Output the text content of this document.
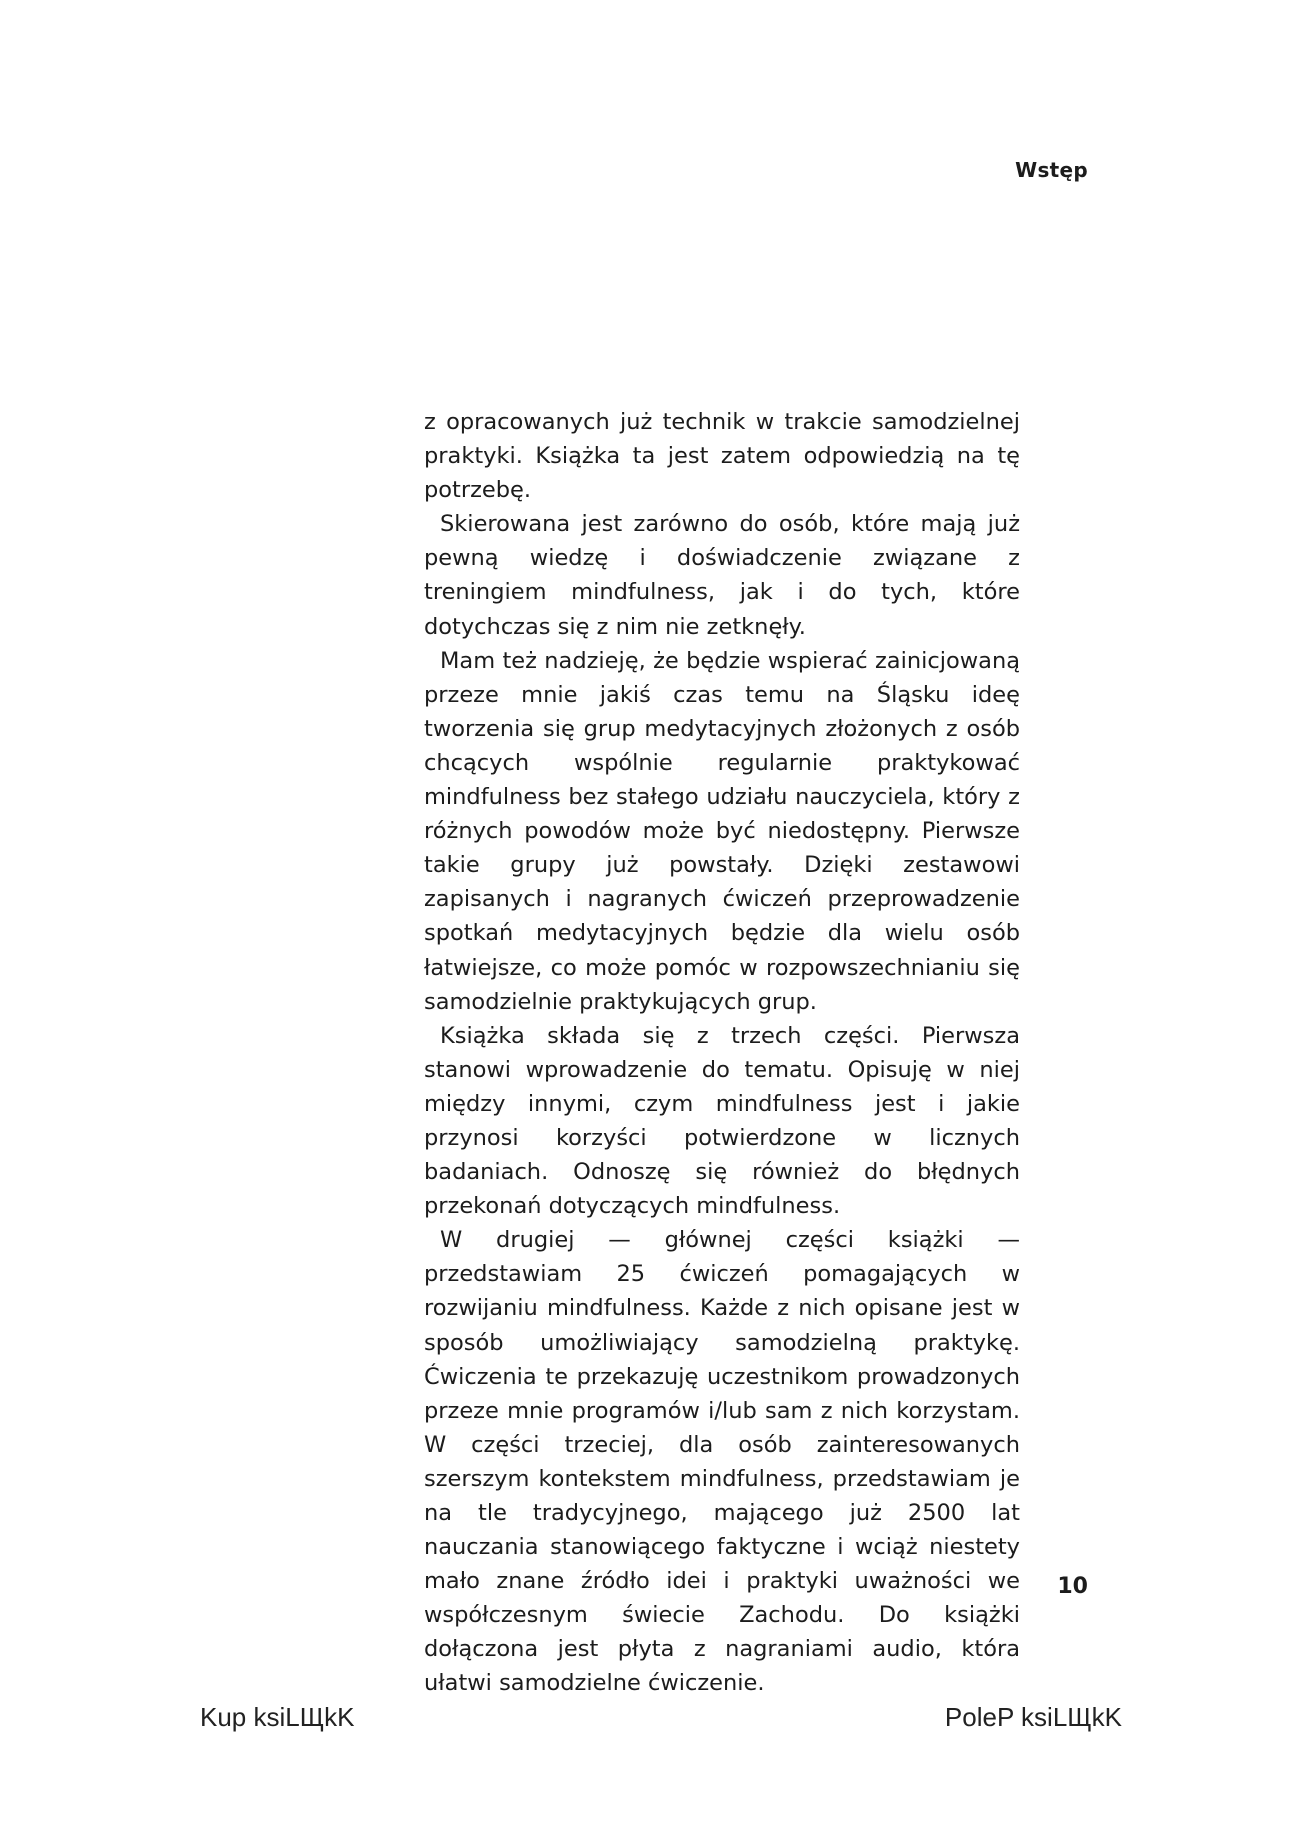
Wstęp

z opracowanych już technik w trakcie samodzielnej praktyki. Książka ta jest zatem odpowiedzią na tę potrzebę.

Skierowana jest zarówno do osób, które mają już pewną wiedzę i doświadczenie związane z treningiem mindfulness, jak i do tych, które dotychczas się z nim nie zetknęły.

Mam też nadzieję, że będzie wspierać zainicjowaną przeze mnie jakiś czas temu na Śląsku ideę tworzenia się grup medytacyjnych złożonych z osób chcących wspólnie regularnie praktykować mindfulness bez stałego udziału nauczyciela, który z różnych powodów może być niedostępny. Pierwsze takie grupy już powstały. Dzięki zestawowi zapisanych i nagranych ćwiczeń przeprowadzenie spotkań medytacyjnych będzie dla wielu osób łatwiejsze, co może pomóc w rozpowszechnianiu się samodzielnie praktykujących grup.

Książka składa się z trzech części. Pierwsza stanowi wprowadzenie do tematu. Opisuję w niej między innymi, czym mindfulness jest i jakie przynosi korzyści potwierdzone w licznych badaniach. Odnoszę się również do błędnych przekonań dotyczących mindfulness.

W drugiej — głównej części książki — przedstawiam 25 ćwiczeń pomagających w rozwijaniu mindfulness. Każde z nich opisane jest w sposób umożliwiający samodzielną praktykę. Ćwiczenia te przekazuję uczestnikom prowadzonych przeze mnie programów i/lub sam z nich korzystam. W części trzeciej, dla osób zainteresowanych szerszym kontekstem mindfulness, przedstawiam je na tle tradycyjnego, mającego już 2500 lat nauczania stanowiącego faktyczne i wciąż niestety mało znane źródło idei i praktyki uważności we współczesnym świecie Zachodu. Do książki dołączona jest płyta z nagraniami audio, która ułatwi samodzielne ćwiczenie.

10
Kup ksiLЩkK	PoleP ksiLЩkK
